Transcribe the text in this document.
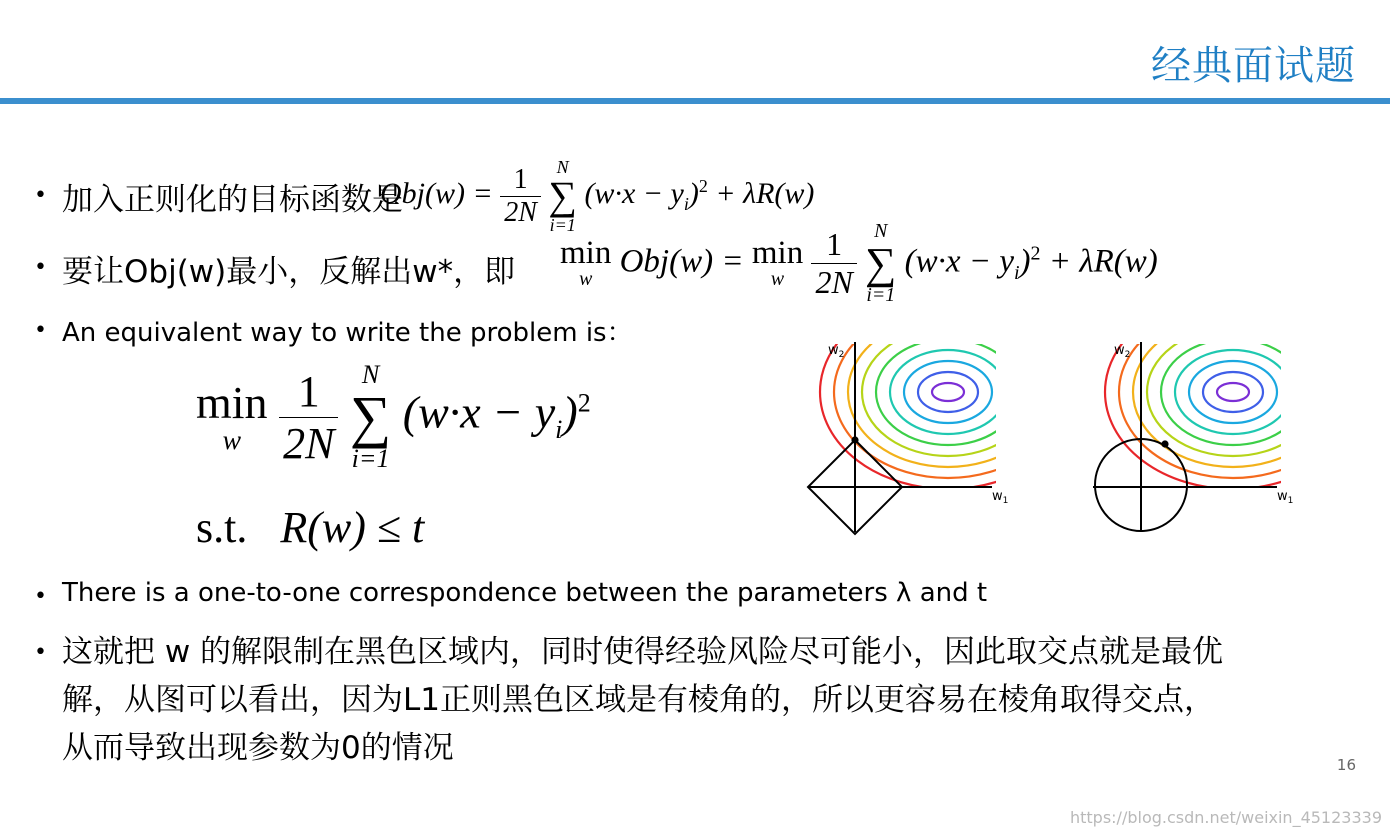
经典面试题
• 加入正则化的目标函数是
$Obj(w) = \frac{1}{2N}$
N
∑
i=1
$(w\cdot x - y_i)^2 + \lambda R(w)$
• 要让Obj(w)最小，反解出w*，即
min
w
Obj(w) = min
w
$\frac{1}{2N}$
N
∑
i=1
$(w\cdot x - y_i)^2 + \lambda R(w)$
• An equivalent way to write the problem is：
min
w
$\frac{1}{2N}$
N
∑
i=1
$(w\cdot x - y_i)^2$
s.t. R(w) ≤ t
$w_2$
$w_1$
$w_2$
$w_1$
• There is a one-to-one correspondence between the parameters λ and t
• 这就把 w 的解限制在黑色区域内，同时使得经验风险尽可能小，因此取交点就是最优
解，从图可以看出，因为L1正则黑色区域是有棱角的，所以更容易在棱角取得交点，
从而导致出现参数为0的情况	16
https://blog.csdn.net/weixin_45123339
